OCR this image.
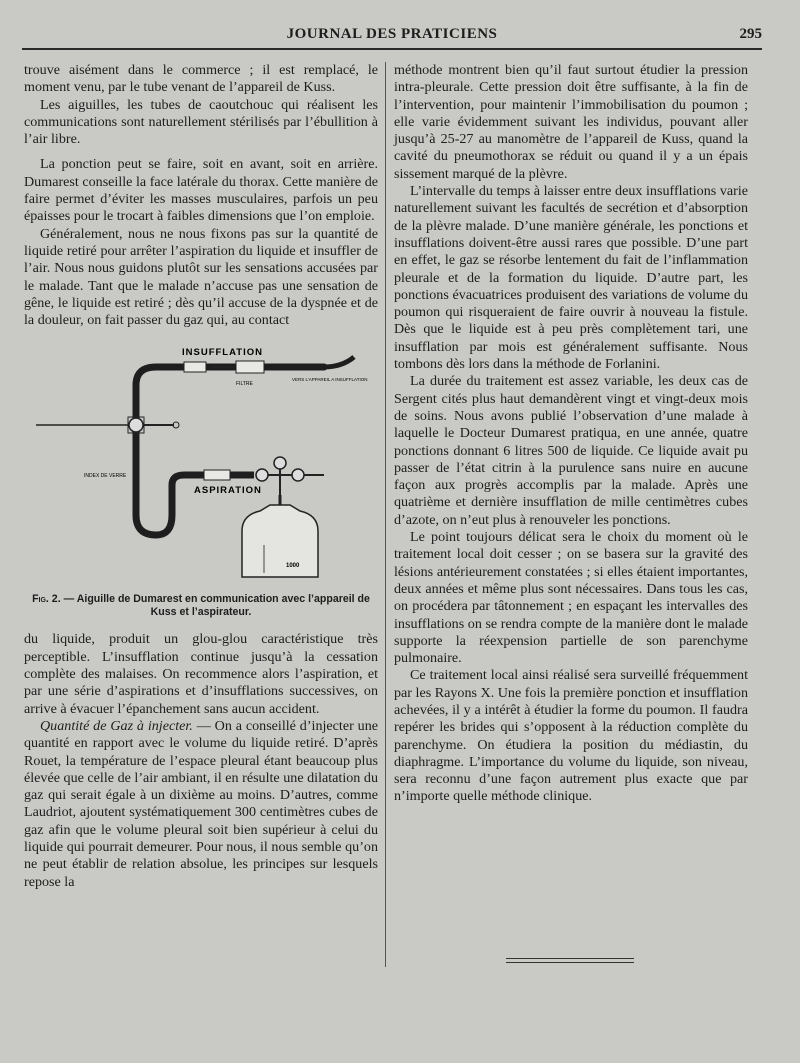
JOURNAL DES PRATICIENS	295

trouve aisément dans le commerce ; il est remplacé, le moment venu, par le tube venant de l’appareil de Kuss.

Les aiguilles, les tubes de caoutchouc qui réalisent les communications sont naturellement stérilisés par l’ébullition à l’air libre.

La ponction peut se faire, soit en avant, soit en arrière. Dumarest conseille la face latérale du thorax. Cette manière de faire permet d’éviter les masses musculaires, parfois un peu épaisses pour le trocart à faibles dimensions que l’on emploie.

Généralement, nous ne nous fixons pas sur la quantité de liquide retiré pour arrêter l’aspiration du liquide et insuffler de l’air. Nous nous guidons plutôt sur les sensations accusées par le malade. Tant que le malade n’accuse pas une sensation de gêne, le liquide est retiré ; dès qu’il accuse de la dyspnée et de la douleur, on fait passer du gaz qui, au contact

INSUFFLATION
ASPIRATION
FILTRE
VERS L’APPAREIL A INSUFFLATION
INDEX DE VERRE
1000
Fig. 2. — Aiguille de Dumarest en communication avec l’appareil de Kuss et l’aspirateur.

du liquide, produit un glou-glou caractéristique très perceptible. L’insufflation continue jusqu’à la cessation complète des malaises. On recommence alors l’aspiration, et par une série d’aspirations et d’insufflations successives, on arrive à évacuer l’épanchement sans aucun accident.

Quantité de Gaz à injecter. — On a conseillé d’injecter une quantité en rapport avec le volume du liquide retiré. D’après Rouet, la température de l’espace pleural étant beaucoup plus élevée que celle de l’air ambiant, il en résulte une dilatation du gaz qui serait égale à un dixième au moins. D’autres, comme Laudriot, ajoutent systématiquement 300 centimètres cubes de gaz afin que le volume pleural soit bien supérieur à celui du liquide qui pourrait demeurer. Pour nous, il nous semble qu’on ne peut établir de relation absolue, les principes sur lesquels repose la

méthode montrent bien qu’il faut surtout étudier la pression intra-pleurale. Cette pression doit être suffisante, à la fin de l’intervention, pour maintenir l’immobilisation du poumon ; elle varie évidemment suivant les individus, pouvant aller jusqu’à 25-27 au manomètre de l’appareil de Kuss, quand la cavité du pneumothorax se réduit ou quand il y a un épais sissement marqué de la plèvre.

L’intervalle du temps à laisser entre deux insufflations varie naturellement suivant les facultés de secrétion et d’absorption de la plèvre malade. D’une manière générale, les ponctions et insufflations doivent-être aussi rares que possible. D’une part en effet, le gaz se résorbe lentement du fait de l’inflammation pleurale et de la formation du liquide. D’autre part, les ponctions évacuatrices produisent des variations de volume du poumon qui risqueraient de faire ouvrir à nouveau la fistule. Dès que le liquide est à peu près complètement tari, une insufflation par mois est généralement suffisante. Nous tombons dès lors dans la méthode de Forlanini.

La durée du traitement est assez variable, les deux cas de Sergent cités plus haut demandèrent vingt et vingt-deux mois de soins. Nous avons publié l’observation d’une malade à laquelle le Docteur Dumarest pratiqua, en une année, quatre ponctions donnant 6 litres 500 de liquide. Ce liquide avait pu passer de l’état citrin à la purulence sans nuire en aucune façon aux progrès accomplis par la malade. Après une quatrième et dernière insufflation de mille centimètres cubes d’azote, on n’eut plus à renouveler les ponctions.

Le point toujours délicat sera le choix du moment où le traitement local doit cesser ; on se basera sur la gravité des lésions antérieurement constatées ; si elles étaient importantes, deux années et même plus sont nécessaires. Dans tous les cas, on procédera par tâtonnement ; en espaçant les intervalles des insufflations on se rendra compte de la manière dont le malade supporte la réexpension partielle de son parenchyme pulmonaire.

Ce traitement local ainsi réalisé sera surveillé fréquemment par les Rayons X. Une fois la première ponction et insufflation achevées, il y a intérêt à étudier la forme du poumon. Il faudra repérer les brides qui s’opposent à la réduction complète du parenchyme. On étudiera la position du médiastin, du diaphragme. L’importance du volume du liquide, son niveau, sera reconnu d’une façon autrement plus exacte que par n’importe quelle méthode clinique.
